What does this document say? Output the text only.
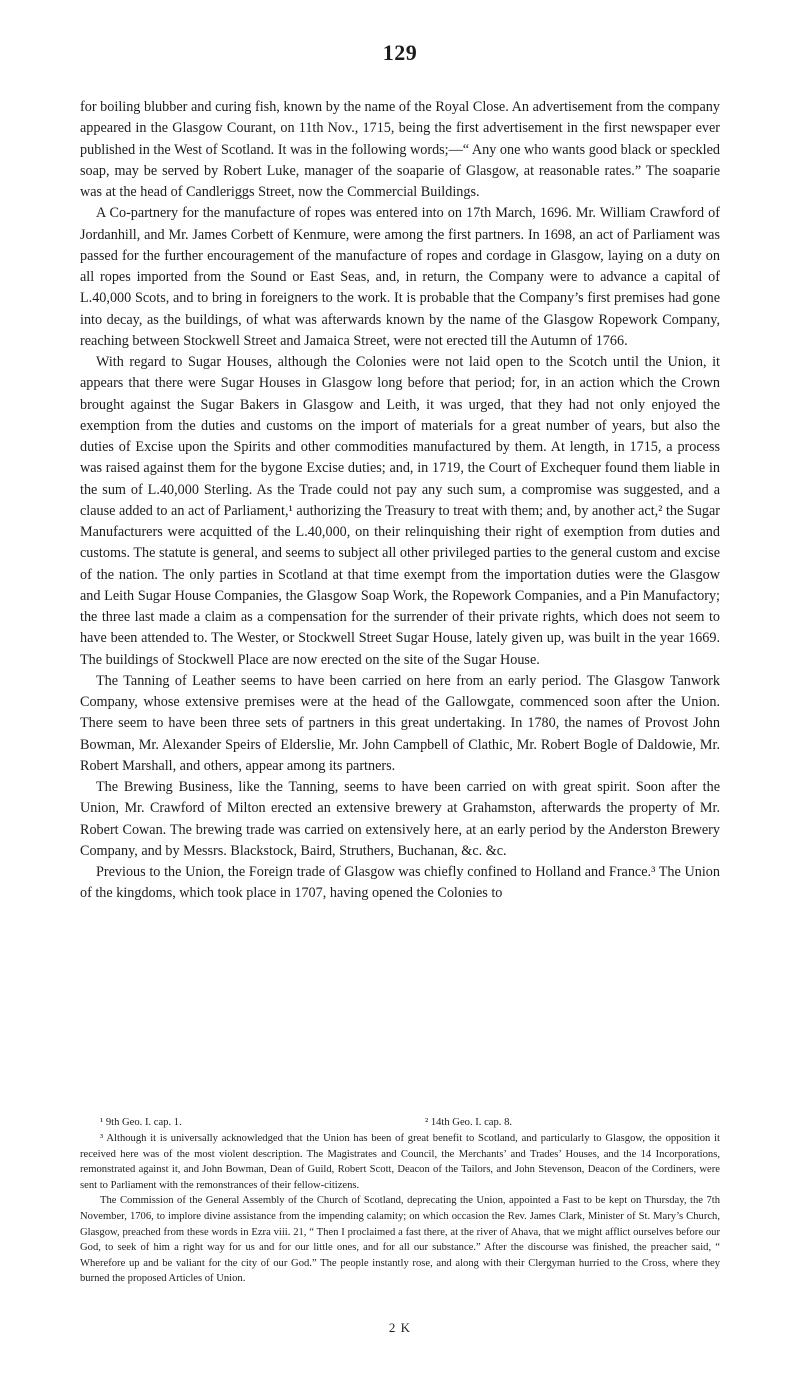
129

for boiling blubber and curing fish, known by the name of the Royal Close. An advertisement from the company appeared in the Glasgow Courant, on 11th Nov., 1715, being the first advertisement in the first newspaper ever published in the West of Scotland. It was in the following words;—“ Any one who wants good black or speckled soap, may be served by Robert Luke, manager of the soaparie of Glasgow, at reasonable rates.” The soaparie was at the head of Candleriggs Street, now the Commercial Buildings.

A Co-partnery for the manufacture of ropes was entered into on 17th March, 1696. Mr. William Crawford of Jordanhill, and Mr. James Corbett of Kenmure, were among the first partners. In 1698, an act of Parliament was passed for the further encouragement of the manufacture of ropes and cordage in Glasgow, laying on a duty on all ropes imported from the Sound or East Seas, and, in return, the Company were to advance a capital of L.40,000 Scots, and to bring in foreigners to the work. It is probable that the Company’s first premises had gone into decay, as the buildings, of what was afterwards known by the name of the Glasgow Ropework Company, reaching between Stockwell Street and Jamaica Street, were not erected till the Autumn of 1766.

With regard to Sugar Houses, although the Colonies were not laid open to the Scotch until the Union, it appears that there were Sugar Houses in Glasgow long before that period; for, in an action which the Crown brought against the Sugar Bakers in Glasgow and Leith, it was urged, that they had not only enjoyed the exemption from the duties and customs on the import of materials for a great number of years, but also the duties of Excise upon the Spirits and other commodities manufactured by them. At length, in 1715, a process was raised against them for the bygone Excise duties; and, in 1719, the Court of Exchequer found them liable in the sum of L.40,000 Sterling. As the Trade could not pay any such sum, a compromise was suggested, and a clause added to an act of Parliament,¹ authorizing the Treasury to treat with them; and, by another act,² the Sugar Manufacturers were acquitted of the L.40,000, on their relinquishing their right of exemption from duties and customs. The statute is general, and seems to subject all other privileged parties to the general custom and excise of the nation. The only parties in Scotland at that time exempt from the importation duties were the Glasgow and Leith Sugar House Companies, the Glasgow Soap Work, the Ropework Companies, and a Pin Manufactory; the three last made a claim as a compensation for the surrender of their private rights, which does not seem to have been attended to. The Wester, or Stockwell Street Sugar House, lately given up, was built in the year 1669. The buildings of Stockwell Place are now erected on the site of the Sugar House.

The Tanning of Leather seems to have been carried on here from an early period. The Glasgow Tanwork Company, whose extensive premises were at the head of the Gallowgate, commenced soon after the Union. There seem to have been three sets of partners in this great undertaking. In 1780, the names of Provost John Bowman, Mr. Alexander Speirs of Elderslie, Mr. John Campbell of Clathic, Mr. Robert Bogle of Daldowie, Mr. Robert Marshall, and others, appear among its partners.

The Brewing Business, like the Tanning, seems to have been carried on with great spirit. Soon after the Union, Mr. Crawford of Milton erected an extensive brewery at Grahamston, afterwards the property of Mr. Robert Cowan. The brewing trade was carried on extensively here, at an early period by the Anderston Brewery Company, and by Messrs. Blackstock, Baird, Struthers, Buchanan, &c. &c.

Previous to the Union, the Foreign trade of Glasgow was chiefly confined to Holland and France.³ The Union of the kingdoms, which took place in 1707, having opened the Colonies to

¹ 9th Geo. I. cap. 1.	² 14th Geo. I. cap. 8.

³ Although it is universally acknowledged that the Union has been of great benefit to Scotland, and particularly to Glasgow, the opposition it received here was of the most violent description. The Magistrates and Council, the Merchants’ and Trades’ Houses, and the 14 Incorporations, remonstrated against it, and John Bowman, Dean of Guild, Robert Scott, Deacon of the Tailors, and John Stevenson, Deacon of the Cordiners, were sent to Parliament with the remonstrances of their fellow-citizens.

The Commission of the General Assembly of the Church of Scotland, deprecating the Union, appointed a Fast to be kept on Thursday, the 7th November, 1706, to implore divine assistance from the impending calamity; on which occasion the Rev. James Clark, Minister of St. Mary’s Church, Glasgow, preached from these words in Ezra viii. 21, “ Then I proclaimed a fast there, at the river of Ahava, that we might afflict ourselves before our God, to seek of him a right way for us and for our little ones, and for all our substance.” After the discourse was finished, the preacher said, “ Wherefore up and be valiant for the city of our God.” The people instantly rose, and along with their Clergyman hurried to the Cross, where they burned the proposed Articles of Union.

2 K
